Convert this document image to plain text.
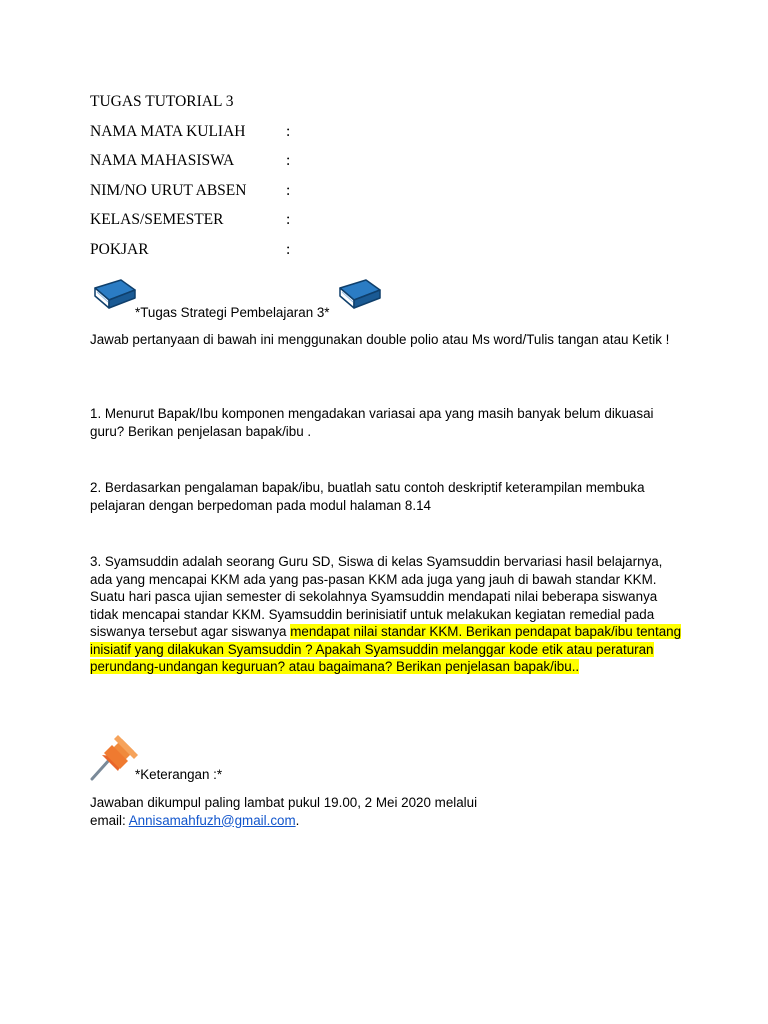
TUGAS TUTORIAL 3
NAMA MATA KULIAH	:
NAMA MAHASISWA	:
NIM/NO URUT ABSEN	:
KELAS/SEMESTER	:
POKJAR	:
*Tugas Strategi Pembelajaran 3*

Jawab pertanyaan di bawah ini menggunakan double polio atau Ms word/Tulis tangan atau Ketik !

1. Menurut Bapak/Ibu komponen mengadakan variasai apa yang masih banyak belum dikuasai guru? Berikan penjelasan bapak/ibu .

2. Berdasarkan pengalaman bapak/ibu, buatlah satu contoh deskriptif keterampilan membuka pelajaran dengan berpedoman pada modul halaman 8.14

3. Syamsuddin adalah seorang Guru SD, Siswa di kelas Syamsuddin bervariasi hasil belajarnya, ada yang mencapai KKM ada yang pas-pasan KKM ada juga yang jauh di bawah standar KKM. Suatu hari pasca ujian semester di sekolahnya Syamsuddin mendapati nilai beberapa siswanya tidak mencapai standar KKM. Syamsuddin berinisiatif untuk melakukan kegiatan remedial pada siswanya tersebut agar siswanya mendapat nilai standar KKM. Berikan pendapat bapak/ibu tentang inisiatif yang dilakukan Syamsuddin ? Apakah Syamsuddin melanggar kode etik atau peraturan perundang-undangan keguruan? atau bagaimana? Berikan penjelasan bapak/ibu..

*Keterangan :*

Jawaban dikumpul paling lambat pukul 19.00, 2 Mei 2020 melalui
email: Annisamahfuzh@gmail.com.
